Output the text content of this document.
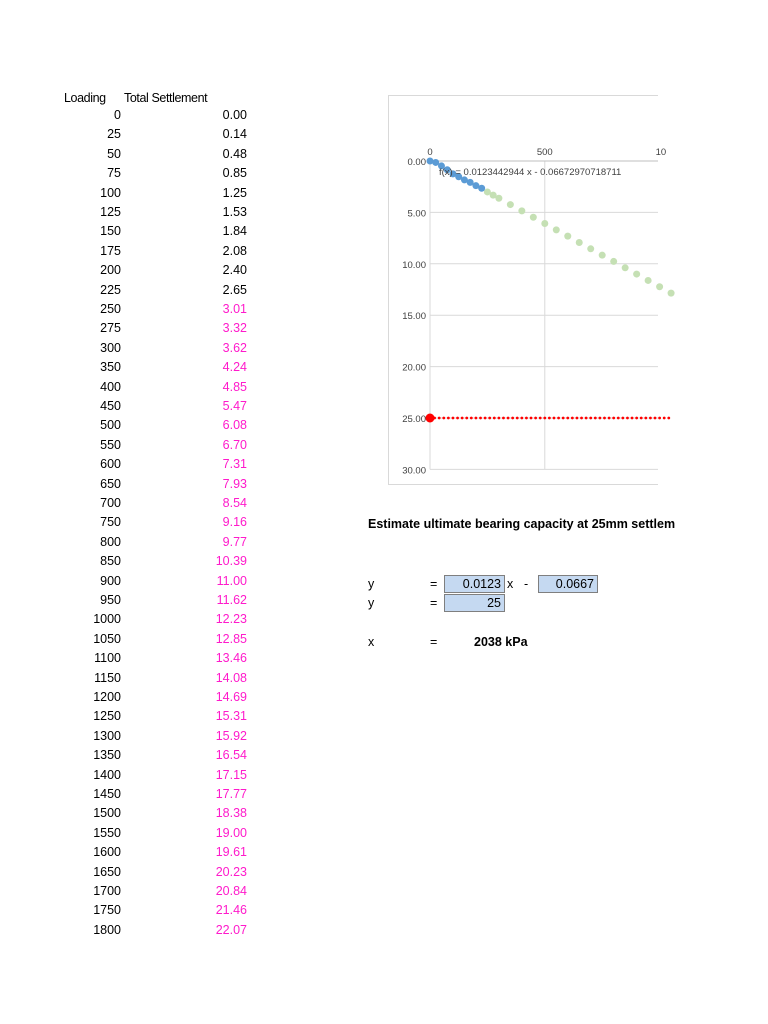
Loading Total Settlement
0	0.00
25	0.14
50	0.48
75	0.85
100	1.25
125	1.53
150	1.84
175	2.08
200	2.40
225	2.65
250	3.01
275	3.32
300	3.62
350	4.24
400	4.85
450	5.47
500	6.08
550	6.70
600	7.31
650	7.93
700	8.54
750	9.16
800	9.77
850	10.39
900	11.00
950	11.62
1000	12.23
1050	12.85
1100	13.46
1150	14.08
1200	14.69
1250	15.31
1300	15.92
1350	16.54
1400	17.15
1450	17.77
1500	18.38
1550	19.00
1600	19.61
1650	20.23
1700	20.84
1750	21.46
1800	22.07
0.00
5.00
10.00
15.00
20.00
25.00
30.00
0	500	10
f(x) = 0.0123442944 x - 0.06672970718711
Estimate ultimate bearing capacity at 25mm settlem
y	=	0.0123 x -	0.0667
y	=	25
x	=	2038 kPa
